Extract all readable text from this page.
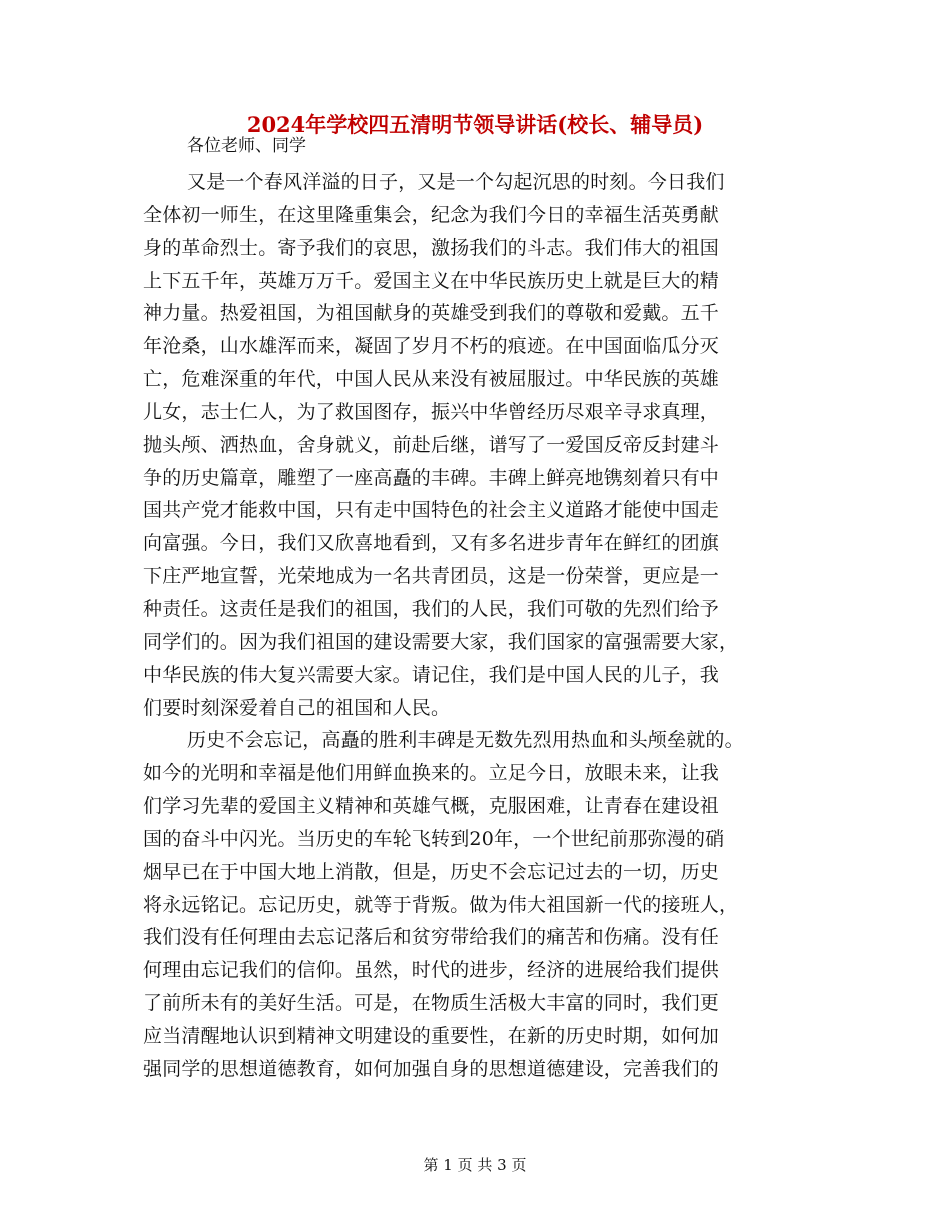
2024年学校四五清明节领导讲话(校长、辅导员)
各位老师、同学
又是一个春风洋溢的日子，又是一个勾起沉思的时刻。今日我们
全体初一师生，在这里隆重集会，纪念为我们今日的幸福生活英勇献
身的革命烈士。寄予我们的哀思，激扬我们的斗志。我们伟大的祖国
上下五千年，英雄万万千。爱国主义在中华民族历史上就是巨大的精
神力量。热爱祖国，为祖国献身的英雄受到我们的尊敬和爱戴。五千
年沧桑，山水雄浑而来，凝固了岁月不朽的痕迹。在中国面临瓜分灭
亡，危难深重的年代，中国人民从来没有被屈服过。中华民族的英雄
儿女，志士仁人，为了救国图存，振兴中华曾经历尽艰辛寻求真理，
抛头颅、洒热血，舍身就义，前赴后继，谱写了一爱国反帝反封建斗
争的历史篇章，雕塑了一座高矗的丰碑。丰碑上鲜亮地镌刻着只有中
国共产党才能救中国，只有走中国特色的社会主义道路才能使中国走
向富强。今日，我们又欣喜地看到，又有多名进步青年在鲜红的团旗
下庄严地宣誓，光荣地成为一名共青团员，这是一份荣誉，更应是一
种责任。这责任是我们的祖国，我们的人民，我们可敬的先烈们给予
同学们的。因为我们祖国的建设需要大家，我们国家的富强需要大家，
中华民族的伟大复兴需要大家。请记住，我们是中国人民的儿子，我
们要时刻深爱着自己的祖国和人民。
历史不会忘记，高矗的胜利丰碑是无数先烈用热血和头颅垒就的。
如今的光明和幸福是他们用鲜血换来的。立足今日，放眼未来，让我
们学习先辈的爱国主义精神和英雄气概，克服困难，让青春在建设祖
国的奋斗中闪光。当历史的车轮飞转到20年，一个世纪前那弥漫的硝
烟早已在于中国大地上消散，但是，历史不会忘记过去的一切，历史
将永远铭记。忘记历史，就等于背叛。做为伟大祖国新一代的接班人，
我们没有任何理由去忘记落后和贫穷带给我们的痛苦和伤痛。没有任
何理由忘记我们的信仰。虽然，时代的进步，经济的进展给我们提供
了前所未有的美好生活。可是，在物质生活极大丰富的同时，我们更
应当清醒地认识到精神文明建设的重要性，在新的历史时期，如何加
强同学的思想道德教育，如何加强自身的思想道德建设，完善我们的
第 1 页 共 3 页
